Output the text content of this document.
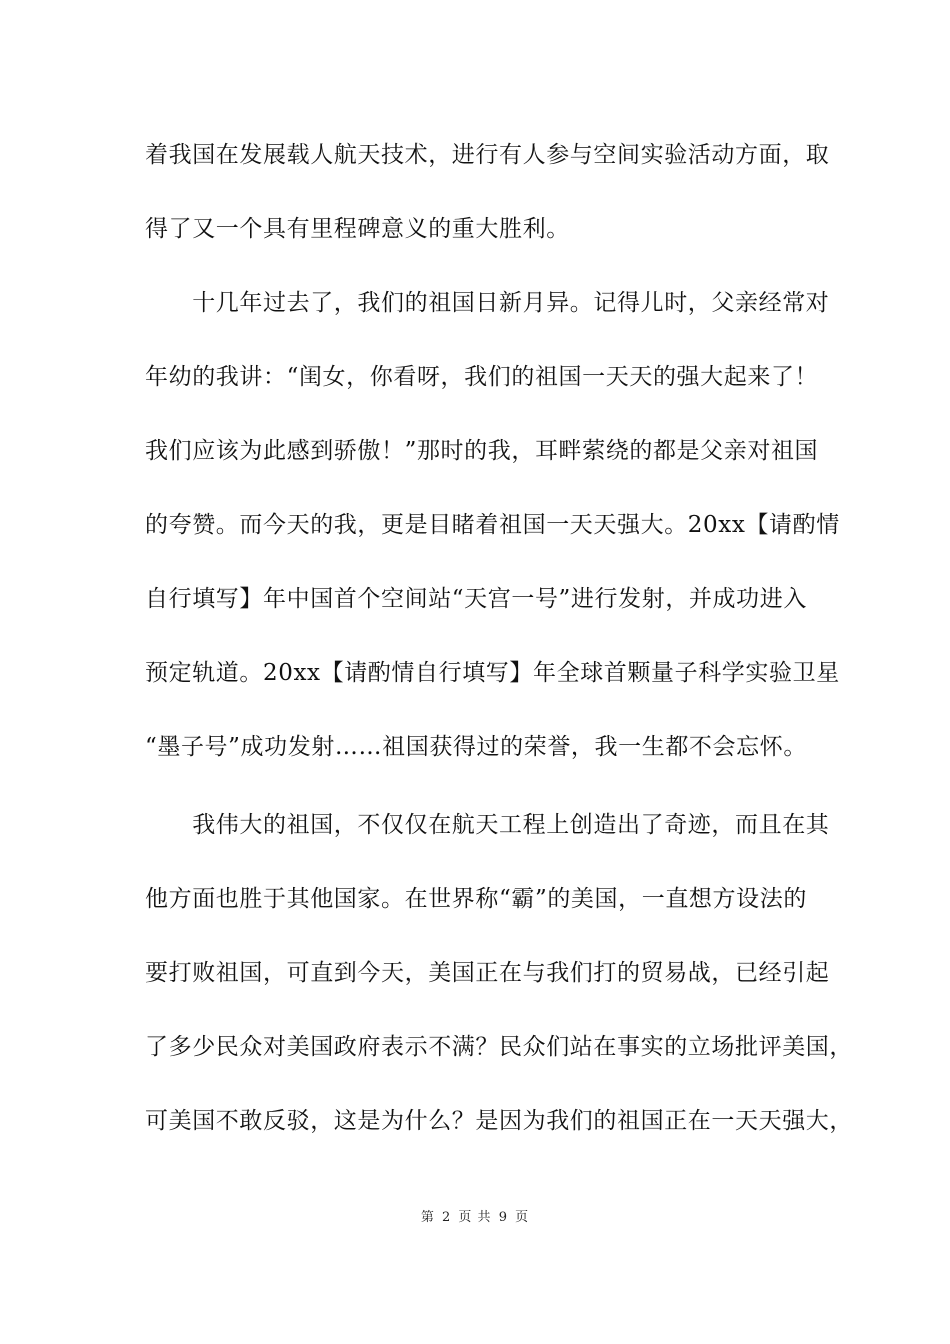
着我国在发展载人航天技术，进行有人参与空间实验活动方面，取
得了又一个具有里程碑意义的重大胜利。
　　十几年过去了，我们的祖国日新月异。记得儿时，父亲经常对
年幼的我讲：“闺女，你看呀，我们的祖国一天天的强大起来了！
我们应该为此感到骄傲！”那时的我，耳畔萦绕的都是父亲对祖国
的夸赞。而今天的我，更是目睹着祖国一天天强大。20xx【请酌情
自行填写】年中国首个空间站“天宫一号”进行发射，并成功进入
预定轨道。20xx【请酌情自行填写】年全球首颗量子科学实验卫星
“墨子号”成功发射……祖国获得过的荣誉，我一生都不会忘怀。
　　我伟大的祖国，不仅仅在航天工程上创造出了奇迹，而且在其
他方面也胜于其他国家。在世界称“霸”的美国，一直想方设法的
要打败祖国，可直到今天，美国正在与我们打的贸易战，已经引起
了多少民众对美国政府表示不满？民众们站在事实的立场批评美国，
可美国不敢反驳，这是为什么？是因为我们的祖国正在一天天强大，
第 2 页 共 9 页
